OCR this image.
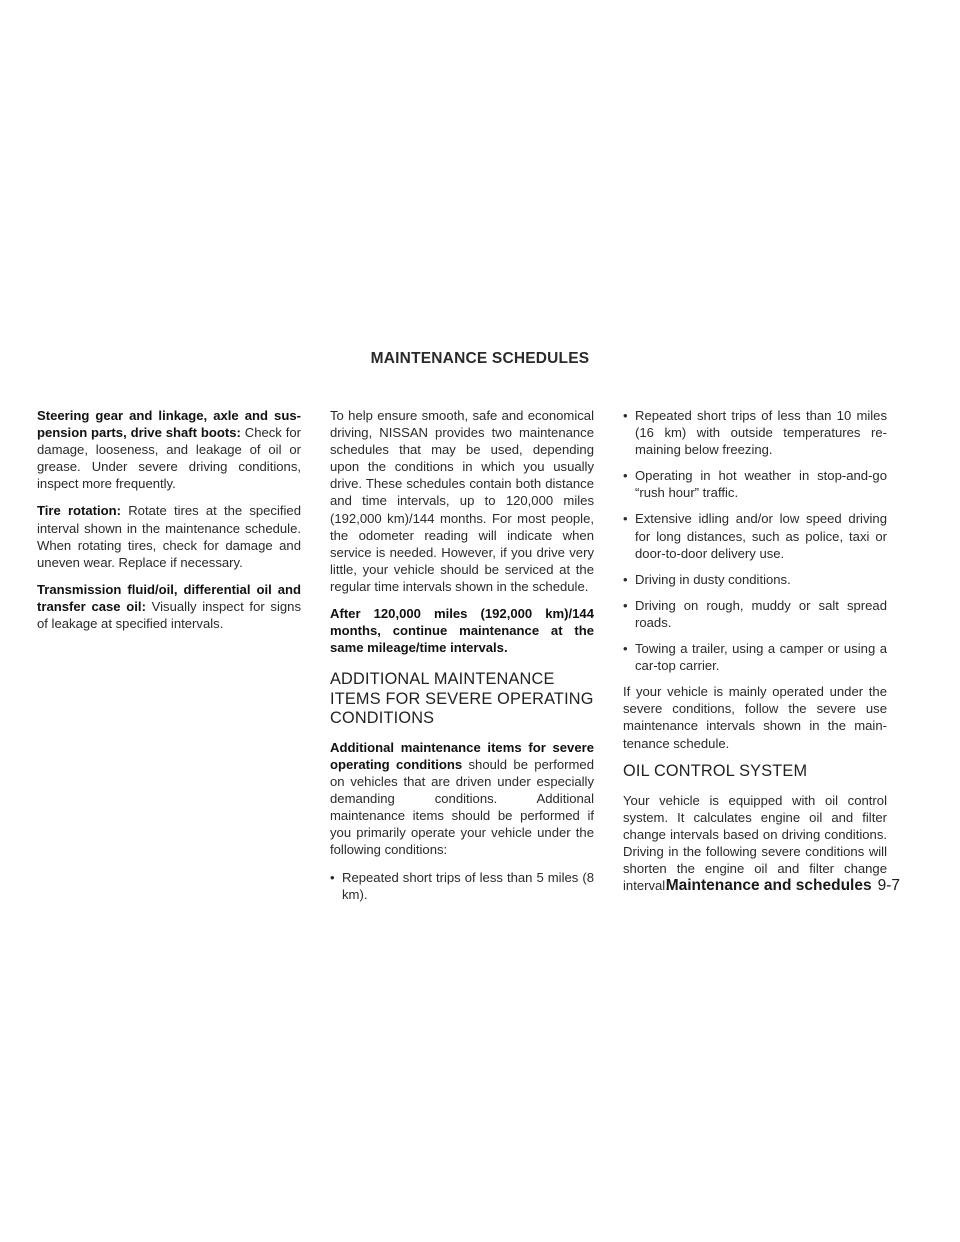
MAINTENANCE SCHEDULES

Steering gear and linkage, axle and suspension parts, drive shaft boots: Check for damage, looseness, and leakage of oil or grease. Under severe driving conditions, inspect more frequently.

Tire rotation: Rotate tires at the specified interval shown in the maintenance schedule. When rotating tires, check for damage and uneven wear. Replace if necessary.

Transmission fluid/oil, differential oil and transfer case oil: Visually inspect for signs of leakage at specified intervals.

To help ensure smooth, safe and economical driving, NISSAN provides two maintenance schedules that may be used, depending upon the conditions in which you usually drive. These schedules contain both distance and time intervals, up to 120,000 miles (192,000 km)/144 months. For most people, the odometer reading will indicate when service is needed. However, if you drive very little, your vehicle should be serviced at the regular time intervals shown in the schedule.

After 120,000 miles (192,000 km)/144 months, continue maintenance at the same mileage/time intervals.

ADDITIONAL MAINTENANCE ITEMS FOR SEVERE OPERATING CONDITIONS

Additional maintenance items for severe operating conditions should be performed on vehicles that are driven under especially demanding conditions. Additional maintenance items should be performed if you primarily operate your vehicle under the following conditions:

• Repeated short trips of less than 5 miles (8 km).
• Repeated short trips of less than 10 miles (16 km) with outside temperatures remaining below freezing.
• Operating in hot weather in stop-and-go “rush hour” traffic.
• Extensive idling and/or low speed driving for long distances, such as police, taxi or door-to-door delivery use.
• Driving in dusty conditions.
• Driving on rough, muddy or salt spread roads.
• Towing a trailer, using a camper or using a car-top carrier.

If your vehicle is mainly operated under the severe conditions, follow the severe use maintenance intervals shown in the maintenance schedule.

OIL CONTROL SYSTEM

Your vehicle is equipped with oil control system. It calculates engine oil and filter change intervals based on driving conditions. Driving in the following severe conditions will shorten the engine oil and filter change interval.

Maintenance and schedules 9-7
